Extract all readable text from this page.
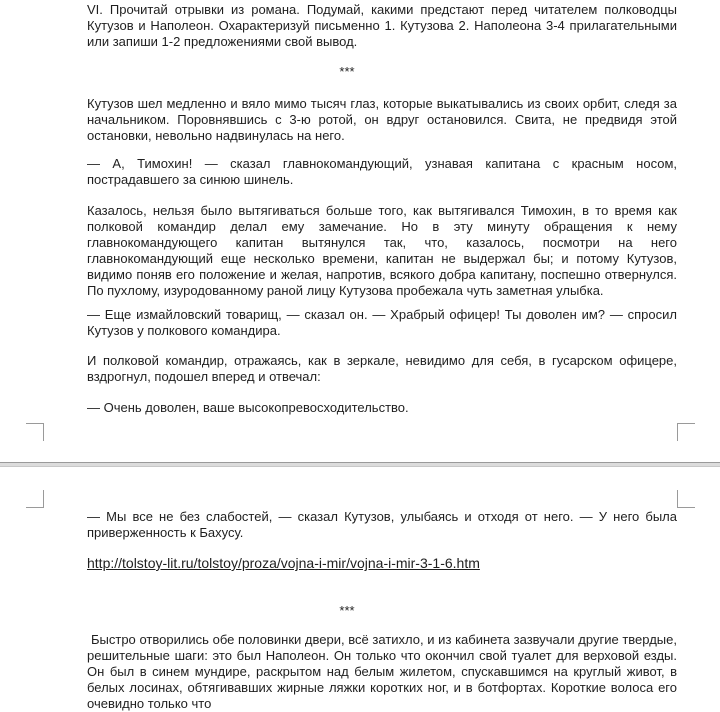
VI. Прочитай отрывки из романа. Подумай, какими предстают перед читателем полководцы Кутузов и Наполеон. Охарактеризуй письменно 1. Кутузова 2. Наполеона 3-4 прилагательными или запиши 1-2 предложениями свой вывод.

***

Кутузов шел медленно и вяло мимо тысяч глаз, которые выкатывались из своих орбит, следя за начальником. Поровнявшись с 3-ю ротой, он вдруг остановился. Свита, не предвидя этой остановки, невольно надвинулась на него.

— А, Тимохин! — сказал главнокомандующий, узнавая капитана с красным носом, пострадавшего за синюю шинель.

Казалось, нельзя было вытягиваться больше того, как вытягивался Тимохин, в то время как полковой командир делал ему замечание. Но в эту минуту обращения к нему главнокомандующего капитан вытянулся так, что, казалось, посмотри на него главнокомандующий еще несколько времени, капитан не выдержал бы; и потому Кутузов, видимо поняв его положение и желая, напротив, всякого добра капитану, поспешно отвернулся. По пухлому, изуродованному раной лицу Кутузова пробежала чуть заметная улыбка.

— Еще измайловский товарищ, — сказал он. — Храбрый офицер! Ты доволен им? — спросил Кутузов у полкового командира.

И полковой командир, отражаясь, как в зеркале, невидимо для себя, в гусарском офицере, вздрогнул, подошел вперед и отвечал:

— Очень доволен, ваше высокопревосходительство.

— Мы все не без слабостей, — сказал Кутузов, улыбаясь и отходя от него. — У него была приверженность к Бахусу.

http://tolstoy-lit.ru/tolstoy/proza/vojna-i-mir/vojna-i-mir-3-1-6.htm

***

Быстро отворились обе половинки двери, всё затихло, и из кабинета зазвучали другие твердые, решительные шаги: это был Наполеон. Он только что окончил свой туалет для верховой езды. Он был в синем мундире, раскрытом над белым жилетом, спускавшимся на круглый живот, в белых лосинах, обтягивавших жирные ляжки коротких ног, и в ботфортах. Короткие волоса его очевидно только что
